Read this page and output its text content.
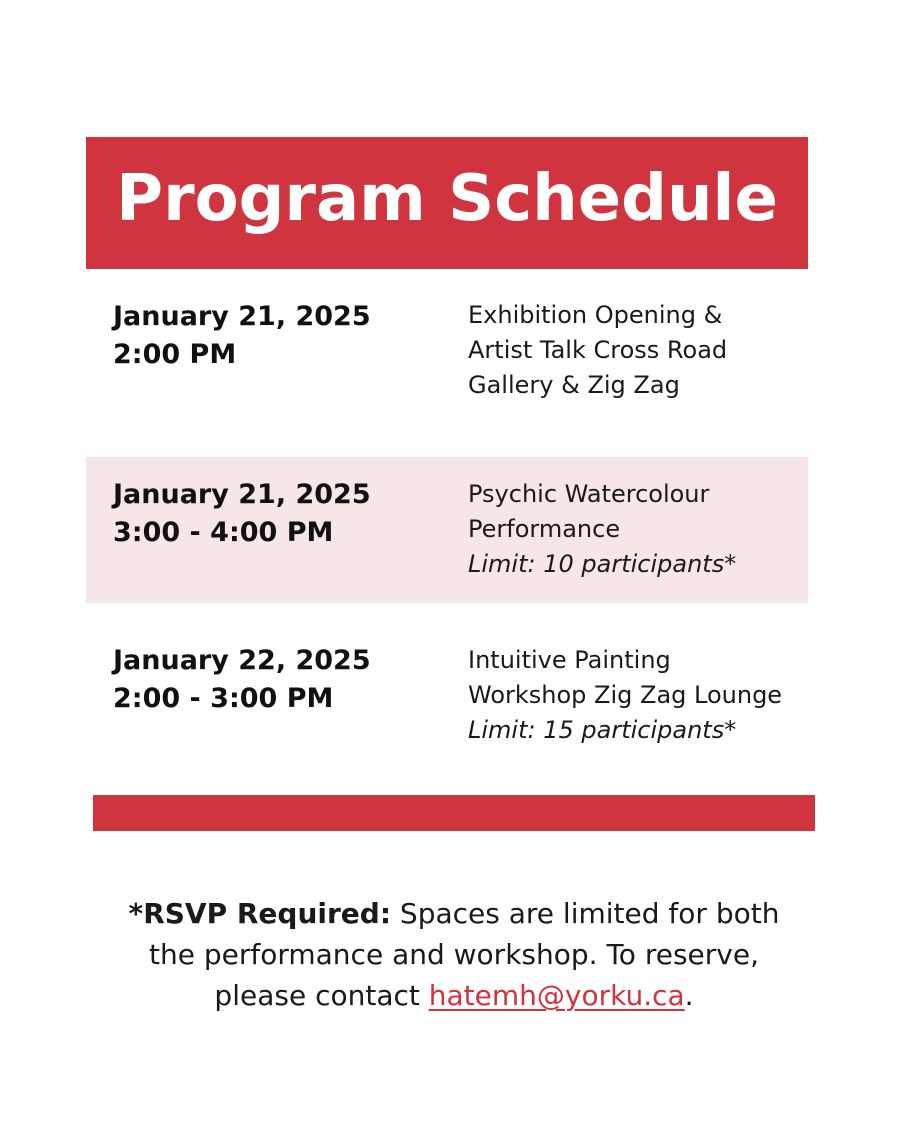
Program Schedule
January 21, 2025
2:00 PM
Exhibition Opening &
Artist Talk Cross Road
Gallery & Zig Zag
January 21, 2025
3:00 - 4:00 PM
Psychic Watercolour
Performance
Limit: 10 participants*
January 22, 2025
2:00 - 3:00 PM
Intuitive Painting
Workshop Zig Zag Lounge
Limit: 15 participants*
*RSVP Required: Spaces are limited for both
the performance and workshop. To reserve,
please contact hatemh@yorku.ca.
